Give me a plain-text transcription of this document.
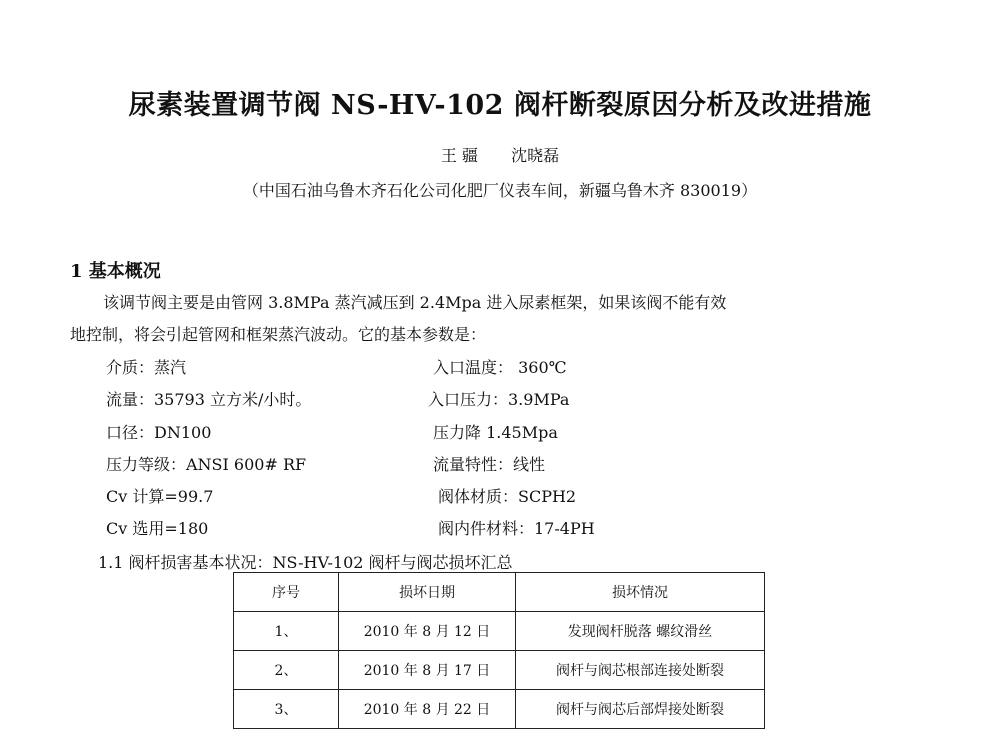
尿素装置调节阀 NS-HV-102 阀杆断裂原因分析及改进措施
王 疆 沈晓磊
（中国石油乌鲁木齐石化公司化肥厂仪表车间，新疆乌鲁木齐 830019）
1 基本概况
该调节阀主要是由管网 3.8MPa 蒸汽减压到 2.4Mpa 进入尿素框架，如果该阀不能有效
地控制，将会引起管网和框架蒸汽波动。它的基本参数是：
介质：蒸汽	入口温度： 360℃
流量：35793 立方米/小时。	入口压力：3.9MPa
口径：DN100	压力降 1.45Mpa
压力等级：ANSI 600# RF	流量特性：线性
Cv 计算=99.7	阀体材质：SCPH2
Cv 选用=180	阀内件材料：17-4PH
1.1 阀杆损害基本状况：NS-HV-102 阀杆与阀芯损坏汇总
序号	损坏日期	损坏情况
1、	2010 年 8 月 12 日	发现阀杆脱落 螺纹滑丝
2、	2010 年 8 月 17 日	阀杆与阀芯根部连接处断裂
3、	2010 年 8 月 22 日	阀杆与阀芯后部焊接处断裂
